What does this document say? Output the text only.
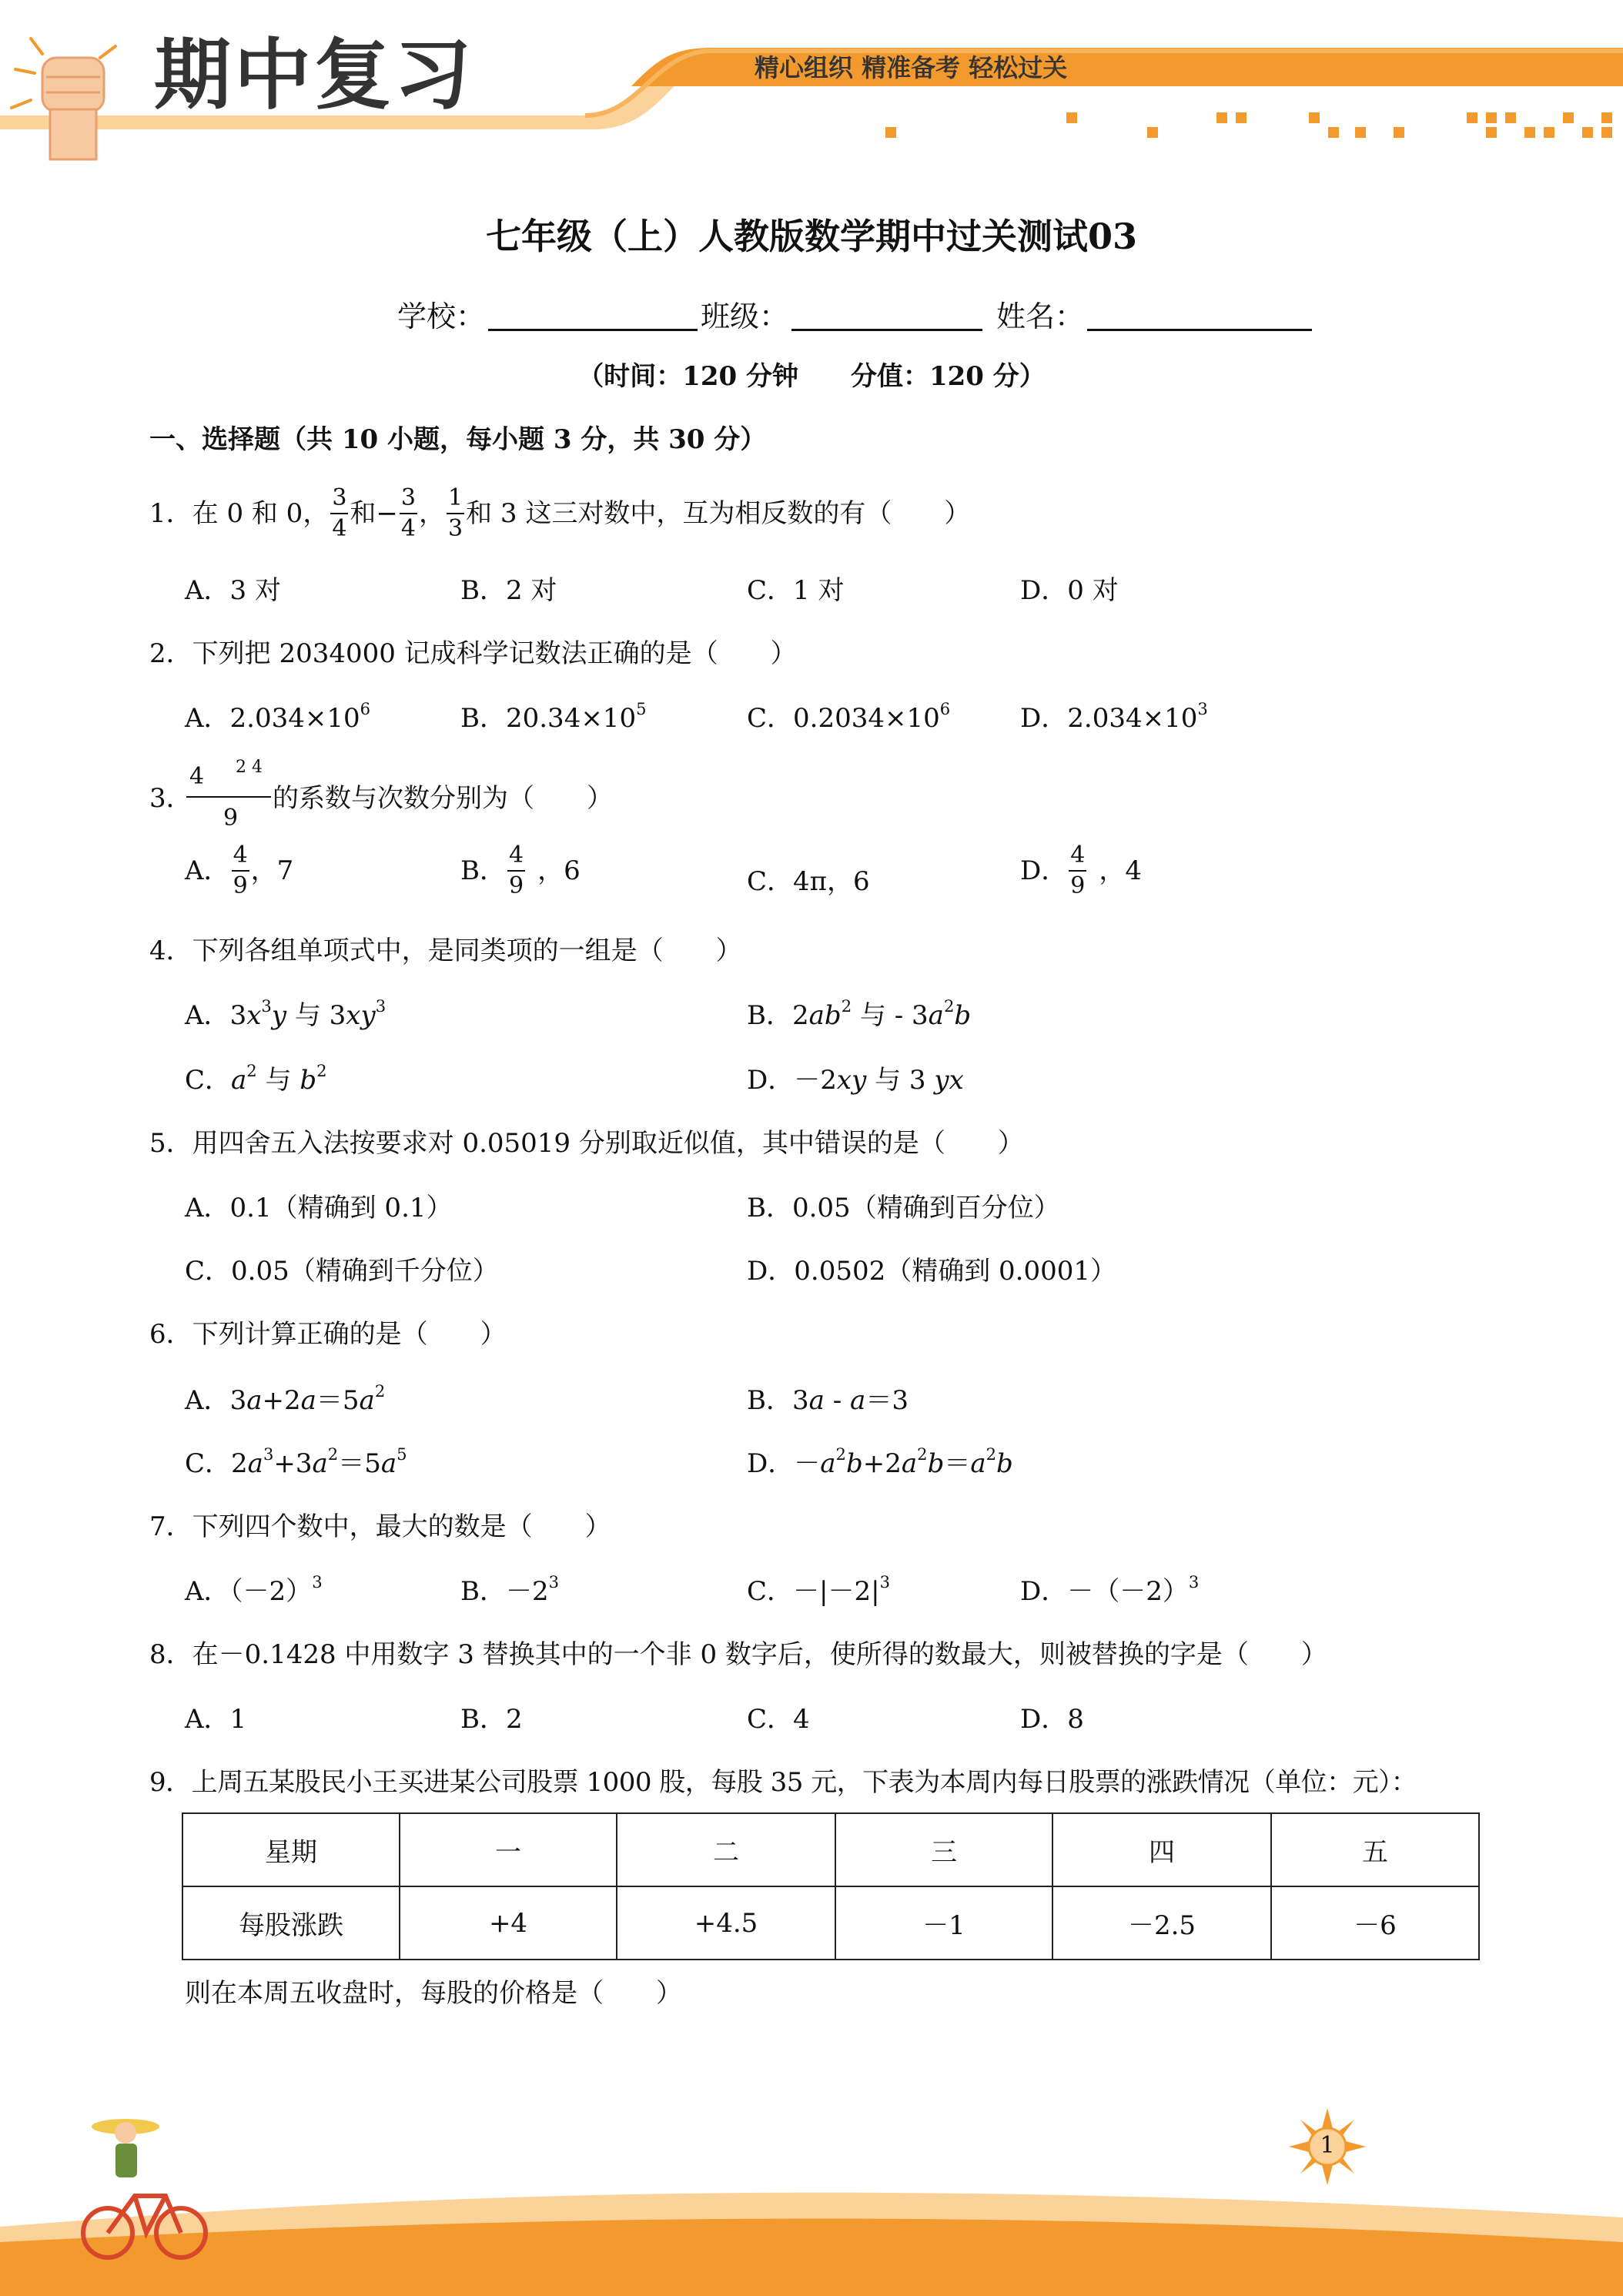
期中复习	精心组织 精准备考 轻松过关
七年级（上）人教版数学期中过关测试03
学校：	班级：	姓名：
（时间：120 分钟　　分值：120 分）
一、选择题（共 10 小题，每小题 3 分，共 30 分）
1．在 0 和 0， $\frac{3}{4}$ 和− $\frac{3}{4}$ ， $\frac{1}{3}$ 和 3 这三对数中，互为相反数的有（　　）
A．3 对	B．2 对	C．1 对	D．0 对
2．下列把 2034000 记成科学记数法正确的是（　　）
A．$2.034\times 10^6$	B．$20.34\times 10^5$	C．$0.2034\times 10^6$	D．$2.034\times 10^3$
3．
4 2 4
9
的系数与次数分别为（　　）
A． $\frac{4}{9}$ ，7	B． $\frac{4}{9}$ ，6	C．4π，6	D． $\frac{4}{9}$ ，4
4．下列各组单项式中，是同类项的一组是（　　）
A．$3x^3y$ 与 $3xy^3$	B．$2ab^2$ 与 - $3a^2b$
C．$a^2$ 与 $b^2$	D．－2xy 与 3 yx
5．用四舍五入法按要求对 0.05019 分别取近似值，其中错误的是（　　）
A．0.1（精确到 0.1）	B．0.05（精确到百分位）
C．0.05（精确到千分位）	D．0.0502（精确到 0.0001）
6．下列计算正确的是（　　）
A．$3a+2a=5a^2$	B．3a - a＝3
C．$2a^3+3a^2=5a^5$	D．$-a^2b+2a^2b=a^2b$
7．下列四个数中，最大的数是（　　）
A．$(-2)^3$	B．$-2^3$	C．$-|-2|^3$	D．$-(-2)^3$
8．在－0.1428 中用数字 3 替换其中的一个非 0 数字后，使所得的数最大，则被替换的字是（　　）
A．1	B．2	C．4	D．8
9．上周五某股民小王买进某公司股票 1000 股，每股 35 元，下表为本周内每日股票的涨跌情况（单位：元）：
星期	一	二	三	四	五
每股涨跌	+4	+4.5	－1	－2.5	－6
则在本周五收盘时，每股的价格是（　　）
1
